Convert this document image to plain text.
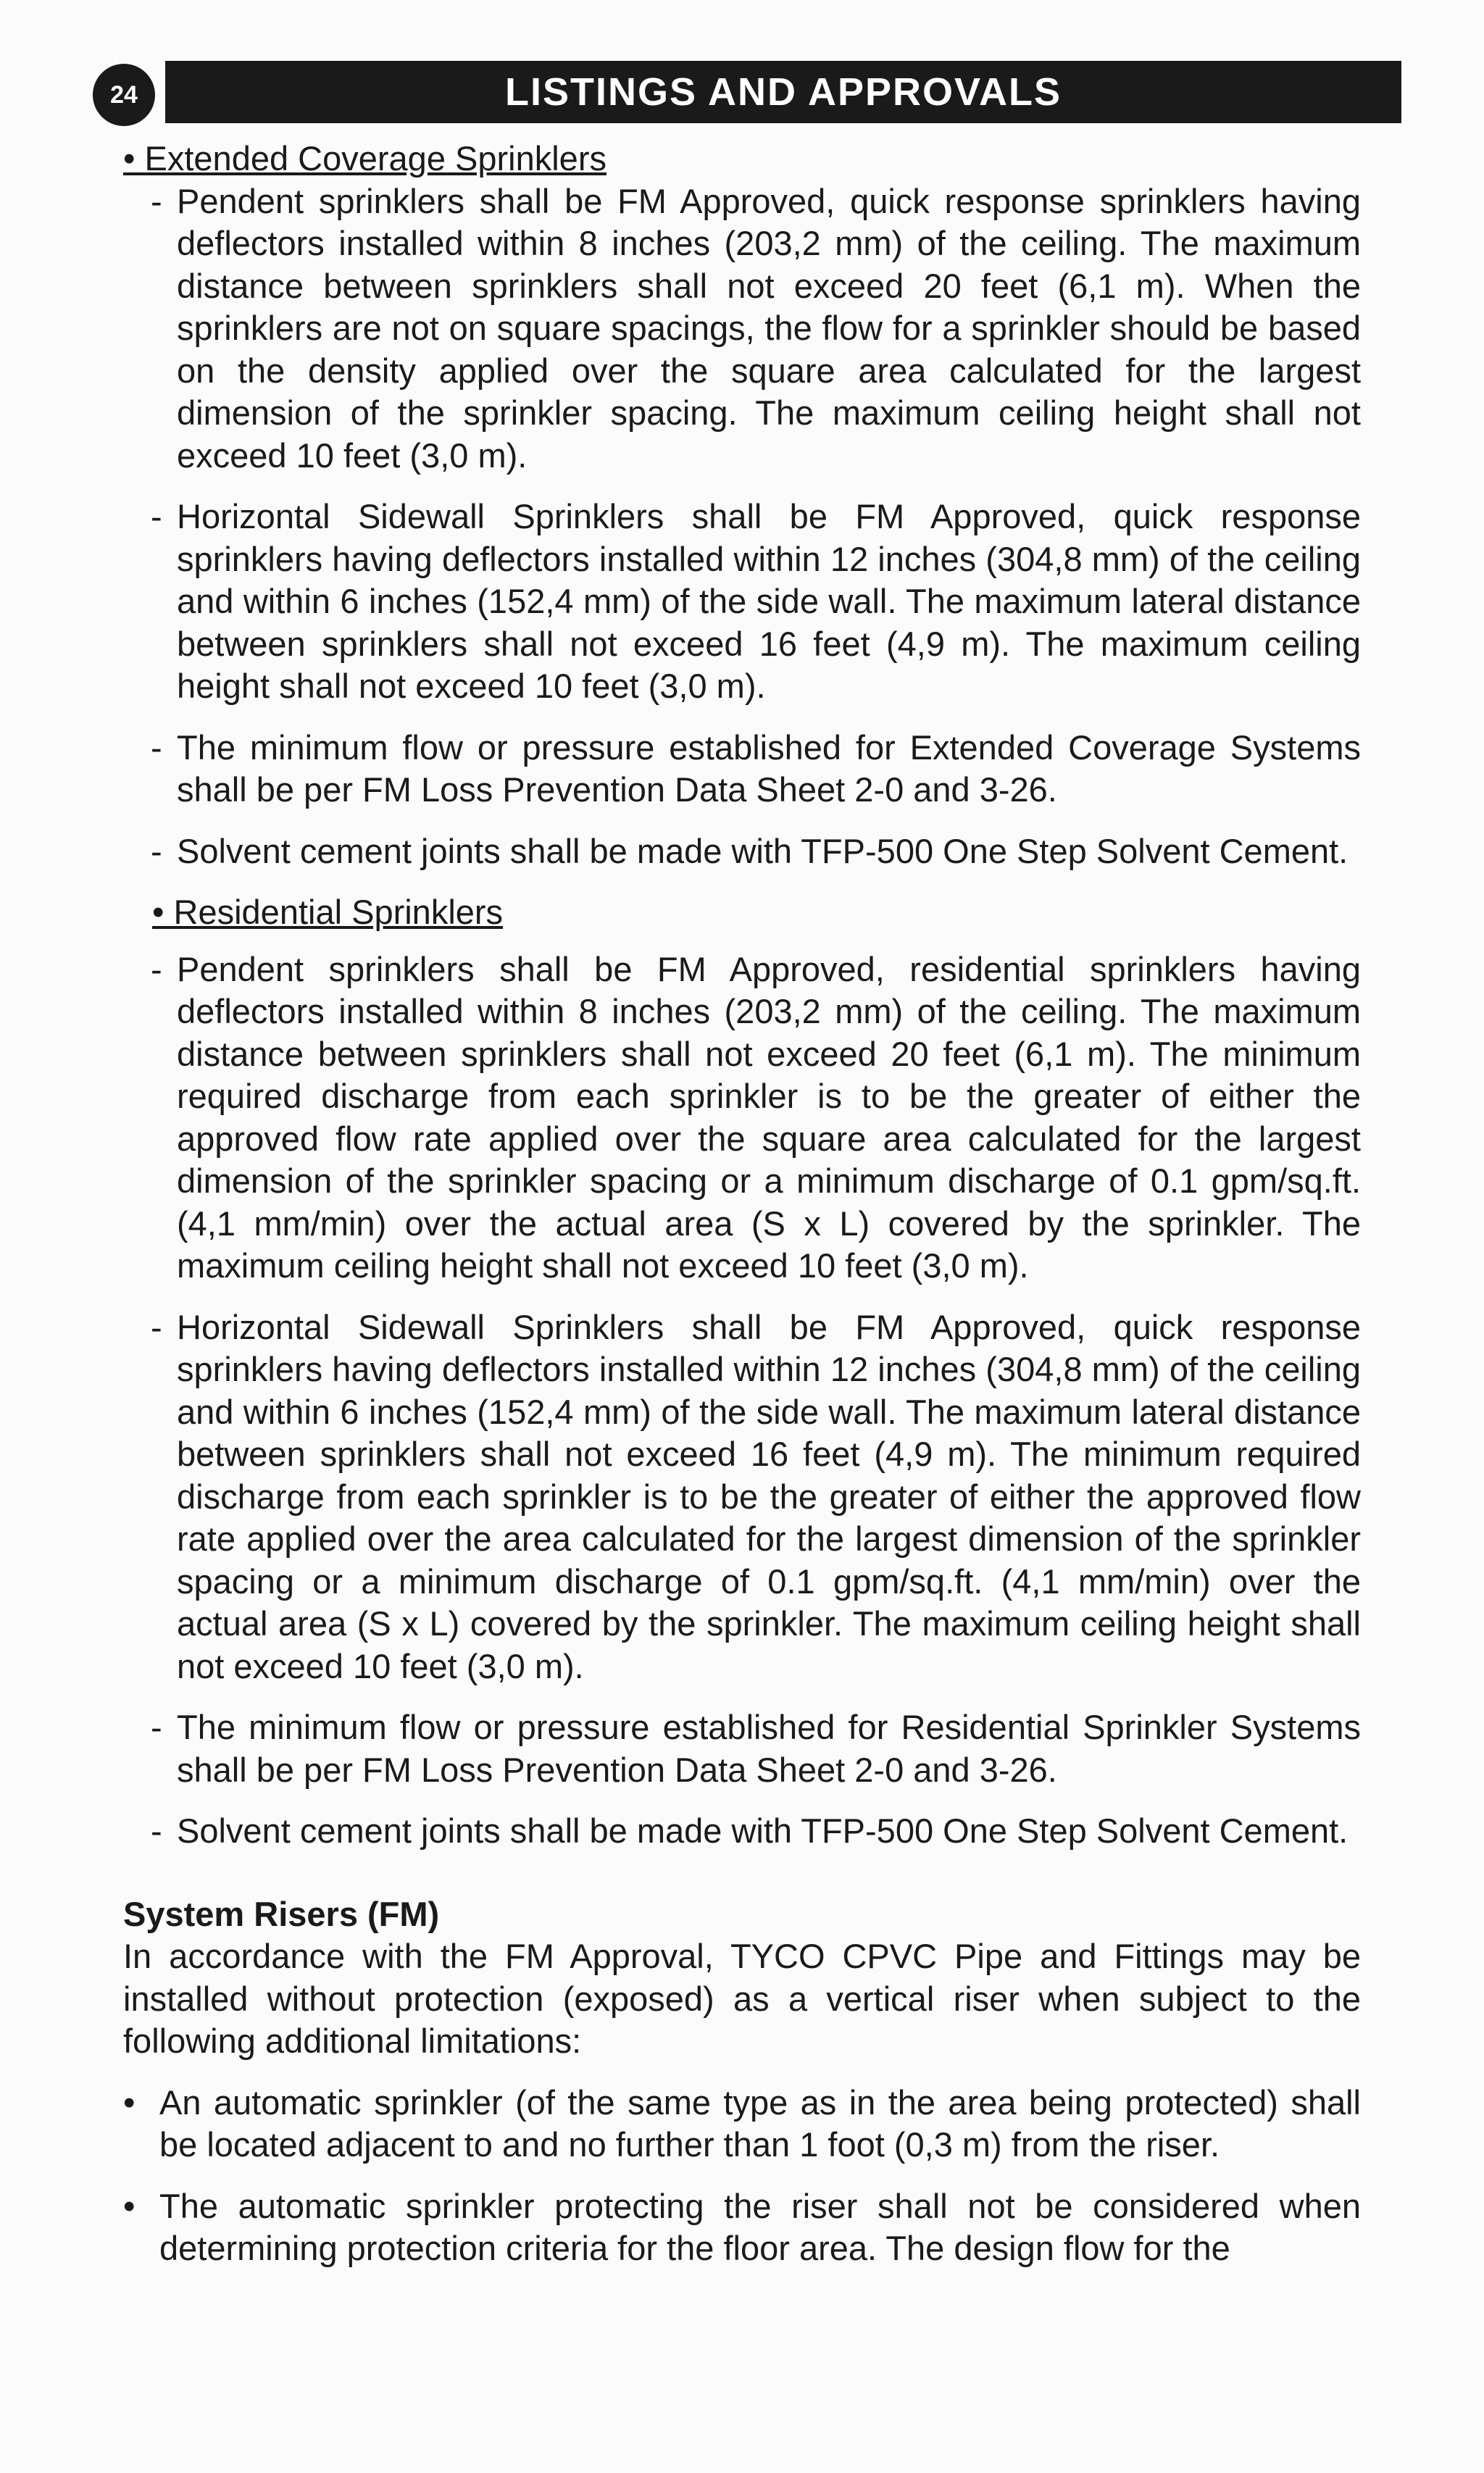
24	LISTINGS AND APPROVALS

• Extended Coverage Sprinklers

- Pendent sprinklers shall be FM Approved, quick response sprinklers having deflectors installed within 8 inches (203,2 mm) of the ceiling. The maximum distance between sprinklers shall not exceed 20 feet (6,1 m). When the sprinklers are not on square spacings, the flow for a sprinkler should be based on the density applied over the square area calculated for the largest dimension of the sprinkler spacing. The maximum ceiling height shall not exceed 10 feet (3,0 m).
- Horizontal Sidewall Sprinklers shall be FM Approved, quick response sprinklers having deflectors installed within 12 inches (304,8 mm) of the ceiling and within 6 inches (152,4 mm) of the side wall. The maximum lateral distance between sprinklers shall not exceed 16 feet (4,9 m). The maximum ceiling height shall not exceed 10 feet (3,0 m).
- The minimum flow or pressure established for Extended Coverage Systems shall be per FM Loss Prevention Data Sheet 2-0 and 3-26.
- Solvent cement joints shall be made with TFP-500 One Step Solvent Cement.

• Residential Sprinklers

- Pendent sprinklers shall be FM Approved, residential sprinklers having deflectors installed within 8 inches (203,2 mm) of the ceiling. The maximum distance between sprinklers shall not exceed 20 feet (6,1 m). The minimum required discharge from each sprinkler is to be the greater of either the approved flow rate applied over the square area calculated for the largest dimension of the sprinkler spacing or a minimum discharge of 0.1 gpm/sq.ft. (4,1 mm/min) over the actual area (S x L) covered by the sprinkler. The maximum ceiling height shall not exceed 10 feet (3,0 m).
- Horizontal Sidewall Sprinklers shall be FM Approved, quick response sprinklers having deflectors installed within 12 inches (304,8 mm) of the ceiling and within 6 inches (152,4 mm) of the side wall. The maximum lateral distance between sprinklers shall not exceed 16 feet (4,9 m). The minimum required discharge from each sprinkler is to be the greater of either the approved flow rate applied over the area calculated for the largest dimension of the sprinkler spacing or a minimum discharge of 0.1 gpm/sq.ft. (4,1 mm/min) over the actual area (S x L) covered by the sprinkler. The maximum ceiling height shall not exceed 10 feet (3,0 m).
- The minimum flow or pressure established for Residential Sprinkler Systems shall be per FM Loss Prevention Data Sheet 2-0 and 3-26.
- Solvent cement joints shall be made with TFP-500 One Step Solvent Cement.

System Risers (FM)

In accordance with the FM Approval, TYCO CPVC Pipe and Fittings may be installed without protection (exposed) as a vertical riser when subject to the following additional limitations:

• An automatic sprinkler (of the same type as in the area being protected) shall be located adjacent to and no further than 1 foot (0,3 m) from the riser.
• The automatic sprinkler protecting the riser shall not be considered when determining protection criteria for the floor area. The design flow for the
